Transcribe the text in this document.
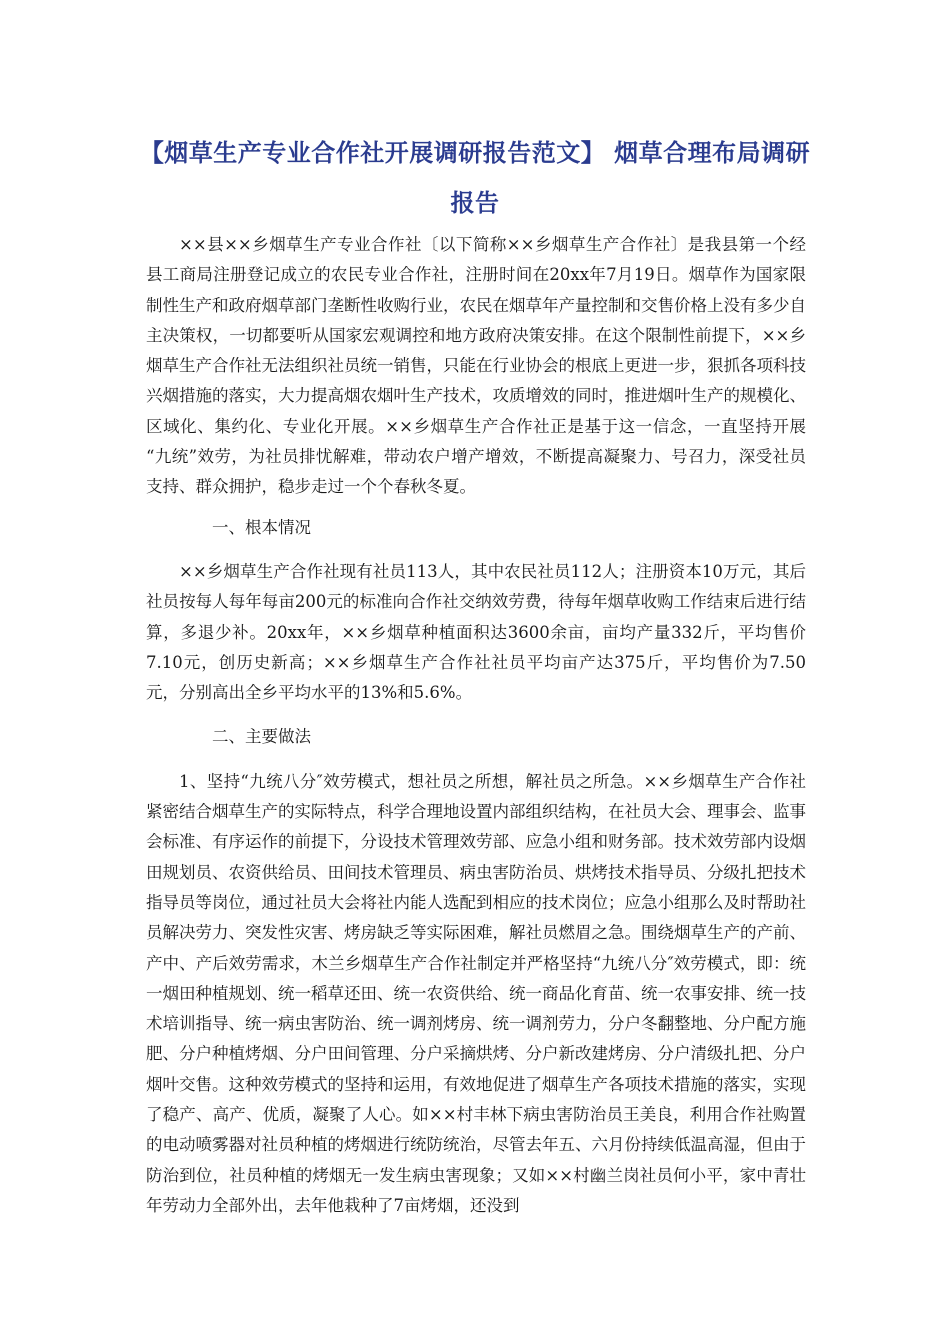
【烟草生产专业合作社开展调研报告范文】 烟草合理布局调研
报告

××县××乡烟草生产专业合作社〔以下简称××乡烟草生产合作社〕是我县第一个经县工商局注册登记成立的农民专业合作社，注册时间在20xx年7月19日。烟草作为国家限制性生产和政府烟草部门垄断性收购行业，农民在烟草年产量控制和交售价格上没有多少自主决策权，一切都要听从国家宏观调控和地方政府决策安排。在这个限制性前提下，××乡烟草生产合作社无法组织社员统一销售，只能在行业协会的根底上更进一步，狠抓各项科技兴烟措施的落实，大力提高烟农烟叶生产技术，攻质增效的同时，推进烟叶生产的规模化、区域化、集约化、专业化开展。××乡烟草生产合作社正是基于这一信念，一直坚持开展 “九统”效劳，为社员排忧解难，带动农户增产增效，不断提高凝聚力、号召力，深受社员支持、群众拥护，稳步走过一个个春秋冬夏。

一、根本情况

××乡烟草生产合作社现有社员113人，其中农民社员112人；注册资本10万元，其后社员按每人每年每亩200元的标准向合作社交纳效劳费，待每年烟草收购工作结束后进行结算，多退少补。20xx年，××乡烟草种植面积达3600余亩，亩均产量332斤，平均售价7.10元，创历史新高；××乡烟草生产合作社社员平均亩产达375斤，平均售价为7.50元，分别高出全乡平均水平的13%和5.6%。

二、主要做法

1、坚持“九统八分″效劳模式，想社员之所想，解社员之所急。××乡烟草生产合作社紧密结合烟草生产的实际特点，科学合理地设置内部组织结构，在社员大会、理事会、监事会标准、有序运作的前提下，分设技术管理效劳部、应急小组和财务部。技术效劳部内设烟田规划员、农资供给员、田间技术管理员、病虫害防治员、烘烤技术指导员、分级扎把技术指导员等岗位，通过社员大会将社内能人选配到相应的技术岗位；应急小组那么及时帮助社员解决劳力、突发性灾害、烤房缺乏等实际困难，解社员燃眉之急。围绕烟草生产的产前、产中、产后效劳需求，木兰乡烟草生产合作社制定并严格坚持“九统八分″效劳模式，即：统一烟田种植规划、统一稻草还田、统一农资供给、统一商品化育苗、统一农事安排、统一技术培训指导、统一病虫害防治、统一调剂烤房、统一调剂劳力，分户冬翻整地、分户配方施肥、分户种植烤烟、分户田间管理、分户采摘烘烤、分户新改建烤房、分户清级扎把、分户烟叶交售。这种效劳模式的坚持和运用，有效地促进了烟草生产各项技术措施的落实，实现了稳产、高产、优质，凝聚了人心。如××村丰林下病虫害防治员王美良，利用合作社购置的电动喷雾器对社员种植的烤烟进行统防统治，尽管去年五、六月份持续低温高湿，但由于防治到位，社员种植的烤烟无一发生病虫害现象；又如××村幽兰岗社员何小平，家中青壮年劳动力全部外出，去年他栽种了7亩烤烟，还没到
